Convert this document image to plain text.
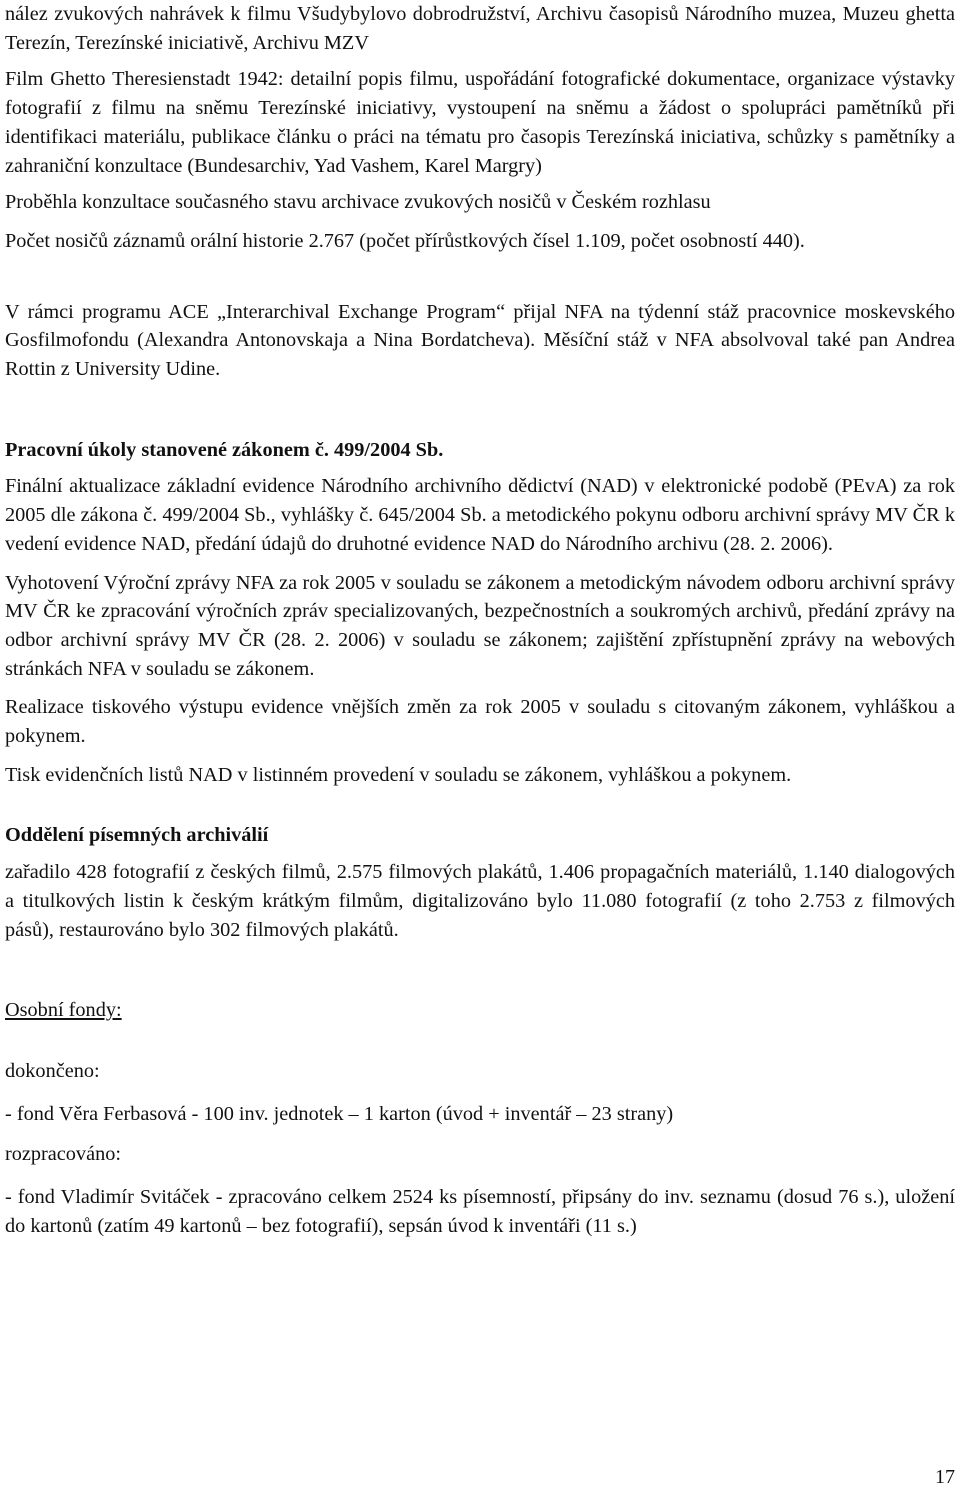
nález zvukových nahrávek k filmu Všudybylovo dobrodružství, Archivu časopisů Národního muzea, Muzeu ghetta Terezín, Terezínské iniciativě, Archivu MZV

Film Ghetto Theresienstadt 1942: detailní popis filmu, uspořádání fotografické dokumentace, organizace výstavky fotografií z filmu na sněmu Terezínské iniciativy, vystoupení na sněmu a žádost o spolupráci pamětníků při identifikaci materiálu, publikace článku o práci na tématu pro časopis Terezínská iniciativa, schůzky s pamětníky a zahraniční konzultace (Bundesarchiv, Yad Vashem, Karel Margry)

Proběhla konzultace současného stavu archivace zvukových nosičů v Českém rozhlasu

Počet nosičů záznamů orální historie 2.767 (počet přírůstkových čísel 1.109, počet osobností 440).

V rámci programu ACE „Interarchival Exchange Program“ přijal NFA na týdenní stáž pracovnice moskevského Gosfilmofondu (Alexandra Antonovskaja a Nina Bordatcheva). Měsíční stáž v NFA absolvoval také pan Andrea Rottin z University Udine.

Pracovní úkoly stanovené zákonem č. 499/2004 Sb.

Finální aktualizace základní evidence Národního archivního dědictví (NAD) v elektronické podobě (PEvA) za rok 2005 dle zákona č. 499/2004 Sb., vyhlášky č. 645/2004 Sb. a metodického pokynu odboru archivní správy MV ČR k vedení evidence NAD, předání údajů do druhotné evidence NAD do Národního archivu (28. 2. 2006).

Vyhotovení Výroční zprávy NFA za rok 2005 v souladu se zákonem a metodickým návodem odboru archivní správy MV ČR ke zpracování výročních zpráv specializovaných, bezpečnostních a soukromých archivů, předání zprávy na odbor archivní správy MV ČR (28. 2. 2006) v souladu se zákonem; zajištění zpřístupnění zprávy na webových stránkách NFA v souladu se zákonem.

Realizace tiskového výstupu evidence vnějších změn za rok 2005 v souladu s citovaným zákonem, vyhláškou a pokynem.

Tisk evidenčních listů NAD v listinném provedení v souladu se zákonem, vyhláškou a pokynem.

Oddělení písemných archiválií

zařadilo 428 fotografií z českých filmů, 2.575 filmových plakátů, 1.406 propagačních materiálů, 1.140 dialogových a titulkových listin k českým krátkým filmům, digitalizováno bylo 11.080 fotografií (z toho 2.753 z filmových pásů), restaurováno bylo 302 filmových plakátů.

Osobní fondy:

dokončeno:

- fond Věra Ferbasová - 100 inv. jednotek – 1 karton (úvod + inventář – 23 strany)

rozpracováno:

- fond Vladimír Svitáček - zpracováno celkem 2524 ks písemností, připsány do inv. seznamu (dosud 76 s.), uložení do kartonů (zatím 49 kartonů – bez fotografií), sepsán úvod k inventáři (11 s.)

17
